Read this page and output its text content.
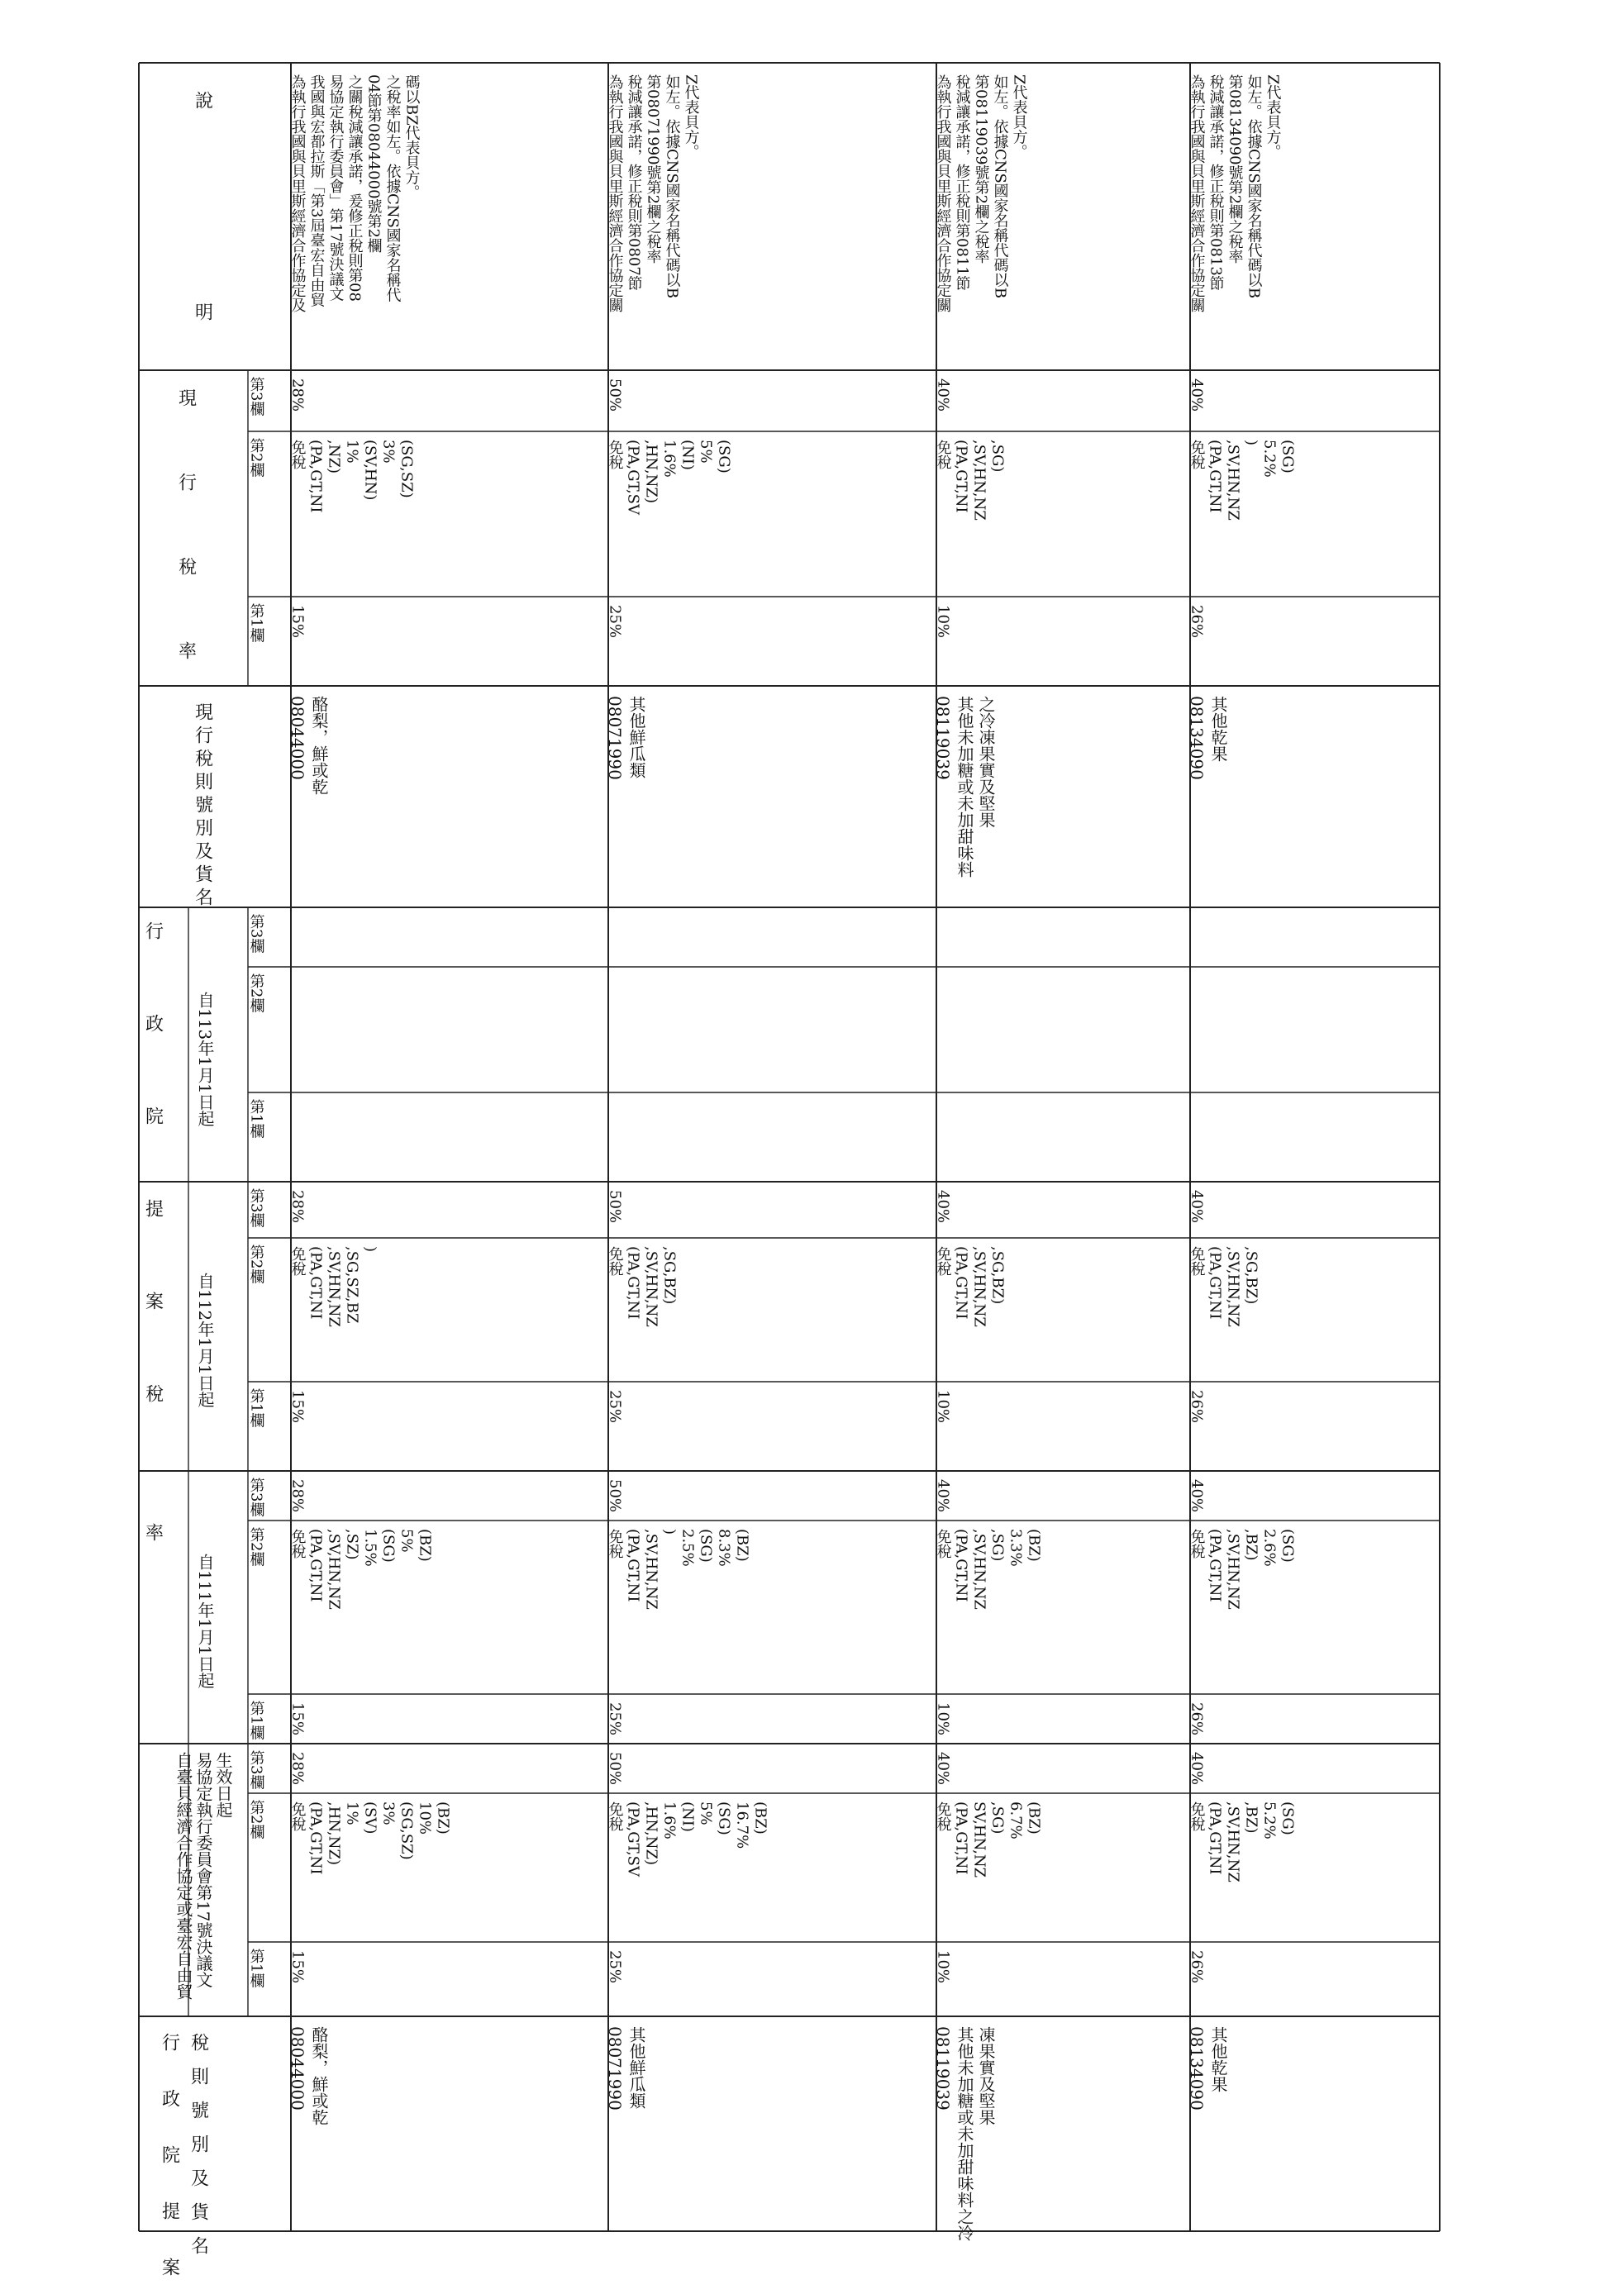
說　　　　　　　明
現　　行　　稅　　率
現行稅則號別及貨名
行　　　政　　　院　　　提　　　案　　　稅　　　　　率 自113年1月1日起
自112年1月1日起
自111年1月1日起
自臺貝經濟合作協定或臺宏自由貿 易協定執行委員會第17號決議文 生效日起
行　政　院　提　案 稅 則 號 別 及 貨 名
第3欄
第2欄
第1欄
第3欄
第2欄
第1欄
第3欄
第2欄
第1欄
第3欄
第2欄
第1欄
第3欄
第2欄
第1欄
08044000 酪梨，鮮或乾
28%
免稅 (PA,GT,NI ,HN,NZ) 1% (SV) 3% (SG,SZ) 10% (BZ)
15%
28%
免稅 (PA,GT,NI ,SV,HN,NZ ,SZ) 1.5% (SG) 5% (BZ)
15%
28%
免稅 (PA,GT,NI ,SV,HN,NZ ,SG,SZ,BZ )
15%
08044000 酪梨，鮮或乾
28%
免稅 (PA,GT,NI ,NZ) 1% (SV,HN) 3% (SG,SZ)
15%
為執行我國與貝里斯經濟合作協定及 我國與宏都拉斯「第3屆臺宏自由貿 易協定執行委員會」第17號決議文 之關稅減讓承諾，爰修正稅則第08 04節第08044000號第2欄 之稅率如左。依據CNS國家名稱代 碼以BZ代表貝方。
08071990 其他鮮瓜類
50%
免稅 (PA,GT,SV ,HN,NZ) 1.6% (NI) 5% (SG) 16.7% (BZ)
25%
50%
免稅 (PA,GT,NI ,SV,HN,NZ ) 2.5% (SG) 8.3% (BZ)
25%
50%
免稅 (PA,GT,NI ,SV,HN,NZ ,SG,BZ)
25%
08071990 其他鮮瓜類
50%
免稅 (PA,GT,SV ,HN,NZ) 1.6% (NI) 5% (SG)
25%
為執行我國與貝里斯經濟合作協定關 稅減讓承諾，修正稅則第0807節 第08071990號第2欄之稅率 如左。依據CNS國家名稱代碼以B Z代表貝方。
08119039 其他未加糖或未加甜味料之冷 凍果實及堅果
40%
免稅 (PA,GT,NI SV,HN,NZ ,SG) 6.7% (BZ)
10%
40%
免稅 (PA,GT,NI ,SV,HN,NZ ,SG) 3.3% (BZ)
10%
40%
免稅 (PA,GT,NI ,SV,HN,NZ ,SG,BZ)
10%
08119039 其他未加糖或未加甜味料 之冷凍果實及堅果
40%
免稅 (PA,GT,NI ,SV,HN,NZ ,SG)
10%
為執行我國與貝里斯經濟合作協定關 稅減讓承諾，修正稅則第0811節 第08119039號第2欄之稅率 如左。依據CNS國家名稱代碼以B Z代表貝方。
08134090 其他乾果
40%
免稅 (PA,GT,NI ,SV,HN,NZ ,BZ) 5.2% (SG)
26%
40%
免稅 (PA,GT,NI ,SV,HN,NZ ,BZ) 2.6% (SG)
26%
40%
免稅 (PA,GT,NI ,SV,HN,NZ ,SG,BZ)
26%
08134090 其他乾果
40%
免稅 (PA,GT,NI ,SV,HN,NZ ) 5.2% (SG)
26%
為執行我國與貝里斯經濟合作協定關 稅減讓承諾，修正稅則第0813節 第08134090號第2欄之稅率 如左。依據CNS國家名稱代碼以B Z代表貝方。
